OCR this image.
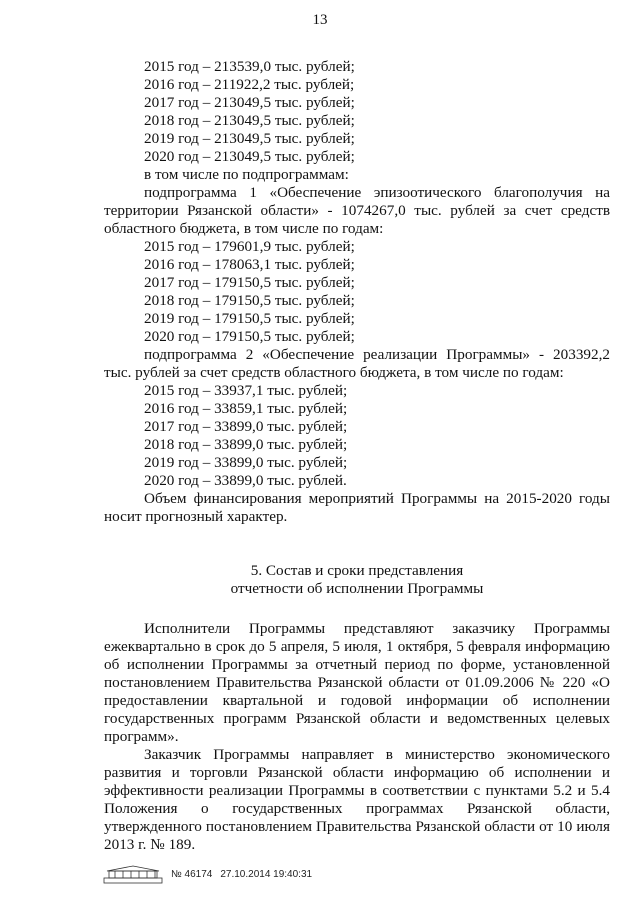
13
2015 год – 213539,0 тыс. рублей;
2016 год – 211922,2 тыс. рублей;
2017 год – 213049,5 тыс. рублей;
2018 год – 213049,5 тыс. рублей;
2019 год – 213049,5 тыс. рублей;
2020 год – 213049,5 тыс. рублей;
в том числе по подпрограммам:
подпрограмма 1 «Обеспечение эпизоотического благополучия на территории Рязанской области» - 1074267,0 тыс. рублей за счет средств областного бюджета, в том числе по годам:
2015 год – 179601,9 тыс. рублей;
2016 год – 178063,1 тыс. рублей;
2017 год – 179150,5 тыс. рублей;
2018 год – 179150,5 тыс. рублей;
2019 год – 179150,5 тыс. рублей;
2020 год – 179150,5 тыс. рублей;
подпрограмма 2 «Обеспечение реализации Программы» - 203392,2 тыс. рублей за счет средств областного бюджета, в том числе по годам:
2015 год – 33937,1 тыс. рублей;
2016 год – 33859,1 тыс. рублей;
2017 год – 33899,0 тыс. рублей;
2018 год – 33899,0 тыс. рублей;
2019 год – 33899,0 тыс. рублей;
2020 год – 33899,0 тыс. рублей.
Объем финансирования мероприятий Программы на 2015-2020 годы носит прогнозный характер.
5. Состав и сроки представления
отчетности об исполнении Программы
Исполнители Программы представляют заказчику Программы ежеквартально в срок до 5 апреля, 5 июля, 1 октября, 5 февраля информацию об исполнении Программы за отчетный период по форме, установленной постановлением Правительства Рязанской области от 01.09.2006 № 220 «О предоставлении квартальной и годовой информации об исполнении государственных программ Рязанской области и ведомственных целевых программ».
Заказчик Программы направляет в министерство экономического развития и торговли Рязанской области информацию об исполнении и эффективности реализации Программы в соответствии с пунктами 5.2 и 5.4 Положения о государственных программах Рязанской области, утвержденного постановлением Правительства Рязанской области от 10 июля 2013 г. № 189.
№ 46174 27.10.2014 19:40:31
